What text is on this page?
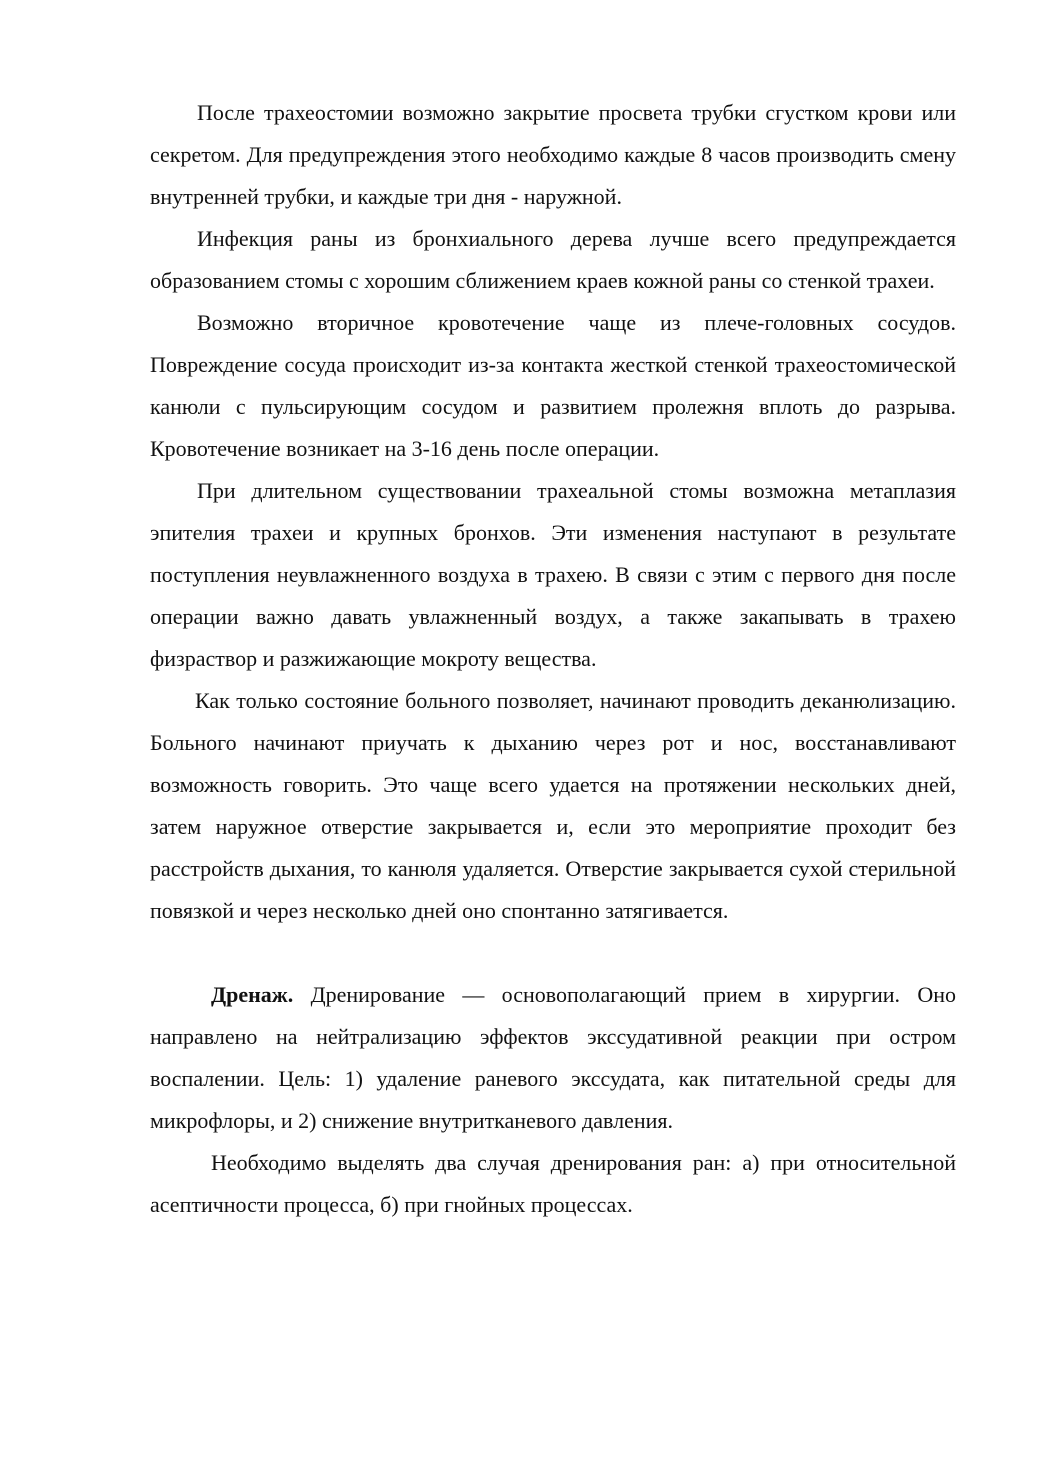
После трахеостомии возможно закрытие просвета трубки сгустком крови или секретом. Для предупреждения этого необходимо каждые 8 часов производить смену внутренней трубки, и каждые три дня - наружной.

Инфекция раны из бронхиального дерева лучше всего предупреждается образованием стомы с хорошим сближением краев кожной раны со стенкой трахеи.

Возможно вторичное кровотечение чаще из плече-головных сосудов. Повреждение сосуда происходит из-за контакта жесткой стенкой трахеостомической канюли с пульсирующим сосудом и развитием пролежня вплоть до разрыва. Кровотечение возникает на 3-16 день после операции.

При длительном существовании трахеальной стомы возможна метаплазия эпителия трахеи и крупных бронхов. Эти изменения наступают в результате поступления неувлажненного воздуха в трахею. В связи с этим с первого дня после операции важно давать увлажненный воздух, а также закапывать в трахею физраствор и разжижающие мокроту вещества.

Как только состояние больного позволяет, начинают проводить деканюлизацию. Больного начинают приучать к дыханию через рот и нос, восстанавливают возможность говорить. Это чаще всего удается на протяжении нескольких дней, затем наружное отверстие закрывается и, если это мероприятие проходит без расстройств дыхания, то канюля удаляется. Отверстие закрывается сухой стерильной повязкой и через несколько дней оно спонтанно затягивается.

Дренаж. Дренирование — основополагающий прием в хирургии. Оно направлено на нейтрализацию эффектов экссудативной реакции при остром воспалении. Цель: 1) удаление раневого экссудата, как питательной среды для микрофлоры, и 2) снижение внутритканевого давления.

Необходимо выделять два случая дренирования ран: а) при относительной асептичности процесса, б) при гнойных процессах.
